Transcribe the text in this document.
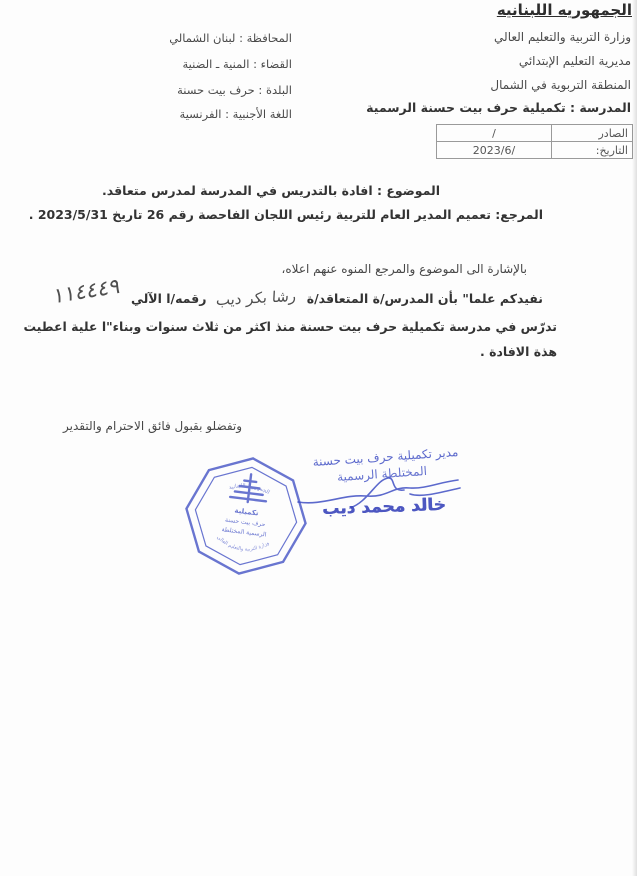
الجمهوريه اللبنانيه
وزارة التربية والتعليم العالي
مديرية التعليم الإبتدائي
المنطقة التربوية في الشمال
المدرسة : تكميلية حرف بيت حسنة الرسمية
المحافظة : لبنان الشمالي
القضاء : المنية ـ الضنية
البلدة : حرف بيت حسنة
اللغة الأجنبية : الفرنسية
الصادر	/
التاريخ:	2023/6/
الموضوع : افادة بالتدريس في المدرسة لمدرس متعاقد.
المرجع: تعميم المدير العام للتربية رئيس اللجان الفاحصة رقم 26 تاريخ 2023/5/31 .
بالإشارة الى الموضوع والمرجع المنوه عنهم اعلاه،
نفيدكم علما" بأن المدرس/ة المتعاقد/ة
رشا بكر ديب
رقمه/ا الآلي
١١٤٤٤٩
تدرّس في مدرسة تكميلية حرف بيت حسنة منذ اكثر من ثلاث سنوات وبناء"ا علية اعطيت
هذة الافادة .
وتفضلو بقبول فائق الاحترام والتقدير
تكميلية
حرف بيت حسنة
الرسمية المختلطة
الجمهورية اللبنانية
وزارة التربية والتعليم العالي
مدير تكميلية حرف بيت حسنة
المختلطة الرسمية
خالد محمد ديب
